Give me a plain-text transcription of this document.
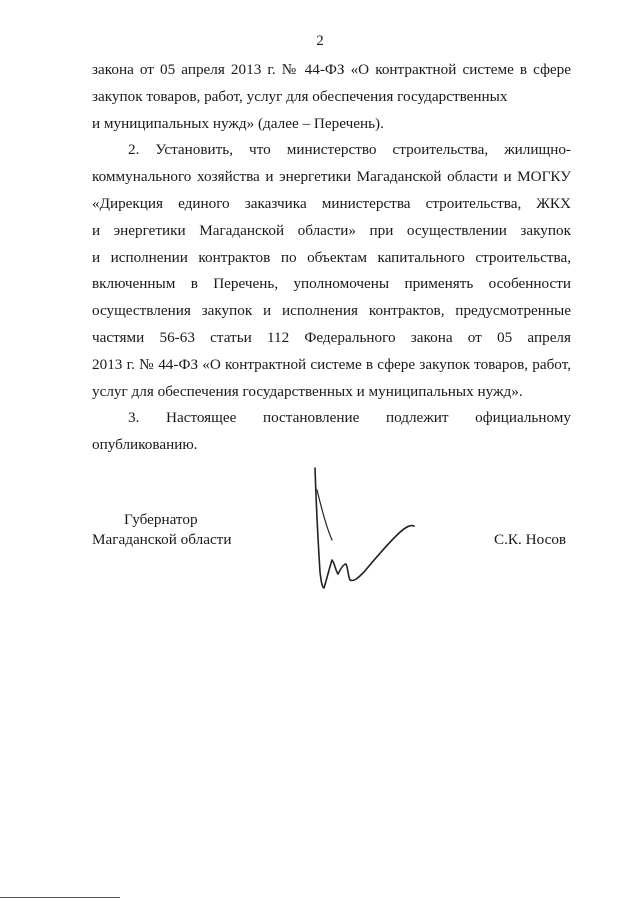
2
закона от 05 апреля 2013 г. № 44-ФЗ «О контрактной системе в сфере
закупок товаров, работ, услуг для обеспечения государственных
и муниципальных нужд» (далее – Перечень).
2. Установить, что министерство строительства, жилищно-
коммунального хозяйства и энергетики Магаданской области и МОГКУ
«Дирекция единого заказчика министерства строительства, ЖКХ
и энергетики Магаданской области» при осуществлении закупок
и исполнении контрактов по объектам капитального строительства,
включенным в Перечень, уполномочены применять особенности
осуществления закупок и исполнения контрактов, предусмотренные
частями 56-63 статьи 112 Федерального закона от 05 апреля
2013 г. № 44-ФЗ «О контрактной системе в сфере закупок товаров, работ,
услуг для обеспечения государственных и муниципальных нужд».
3. Настоящее постановление подлежит официальному
опубликованию.
Губернатор
Магаданской области	С.К. Носов
